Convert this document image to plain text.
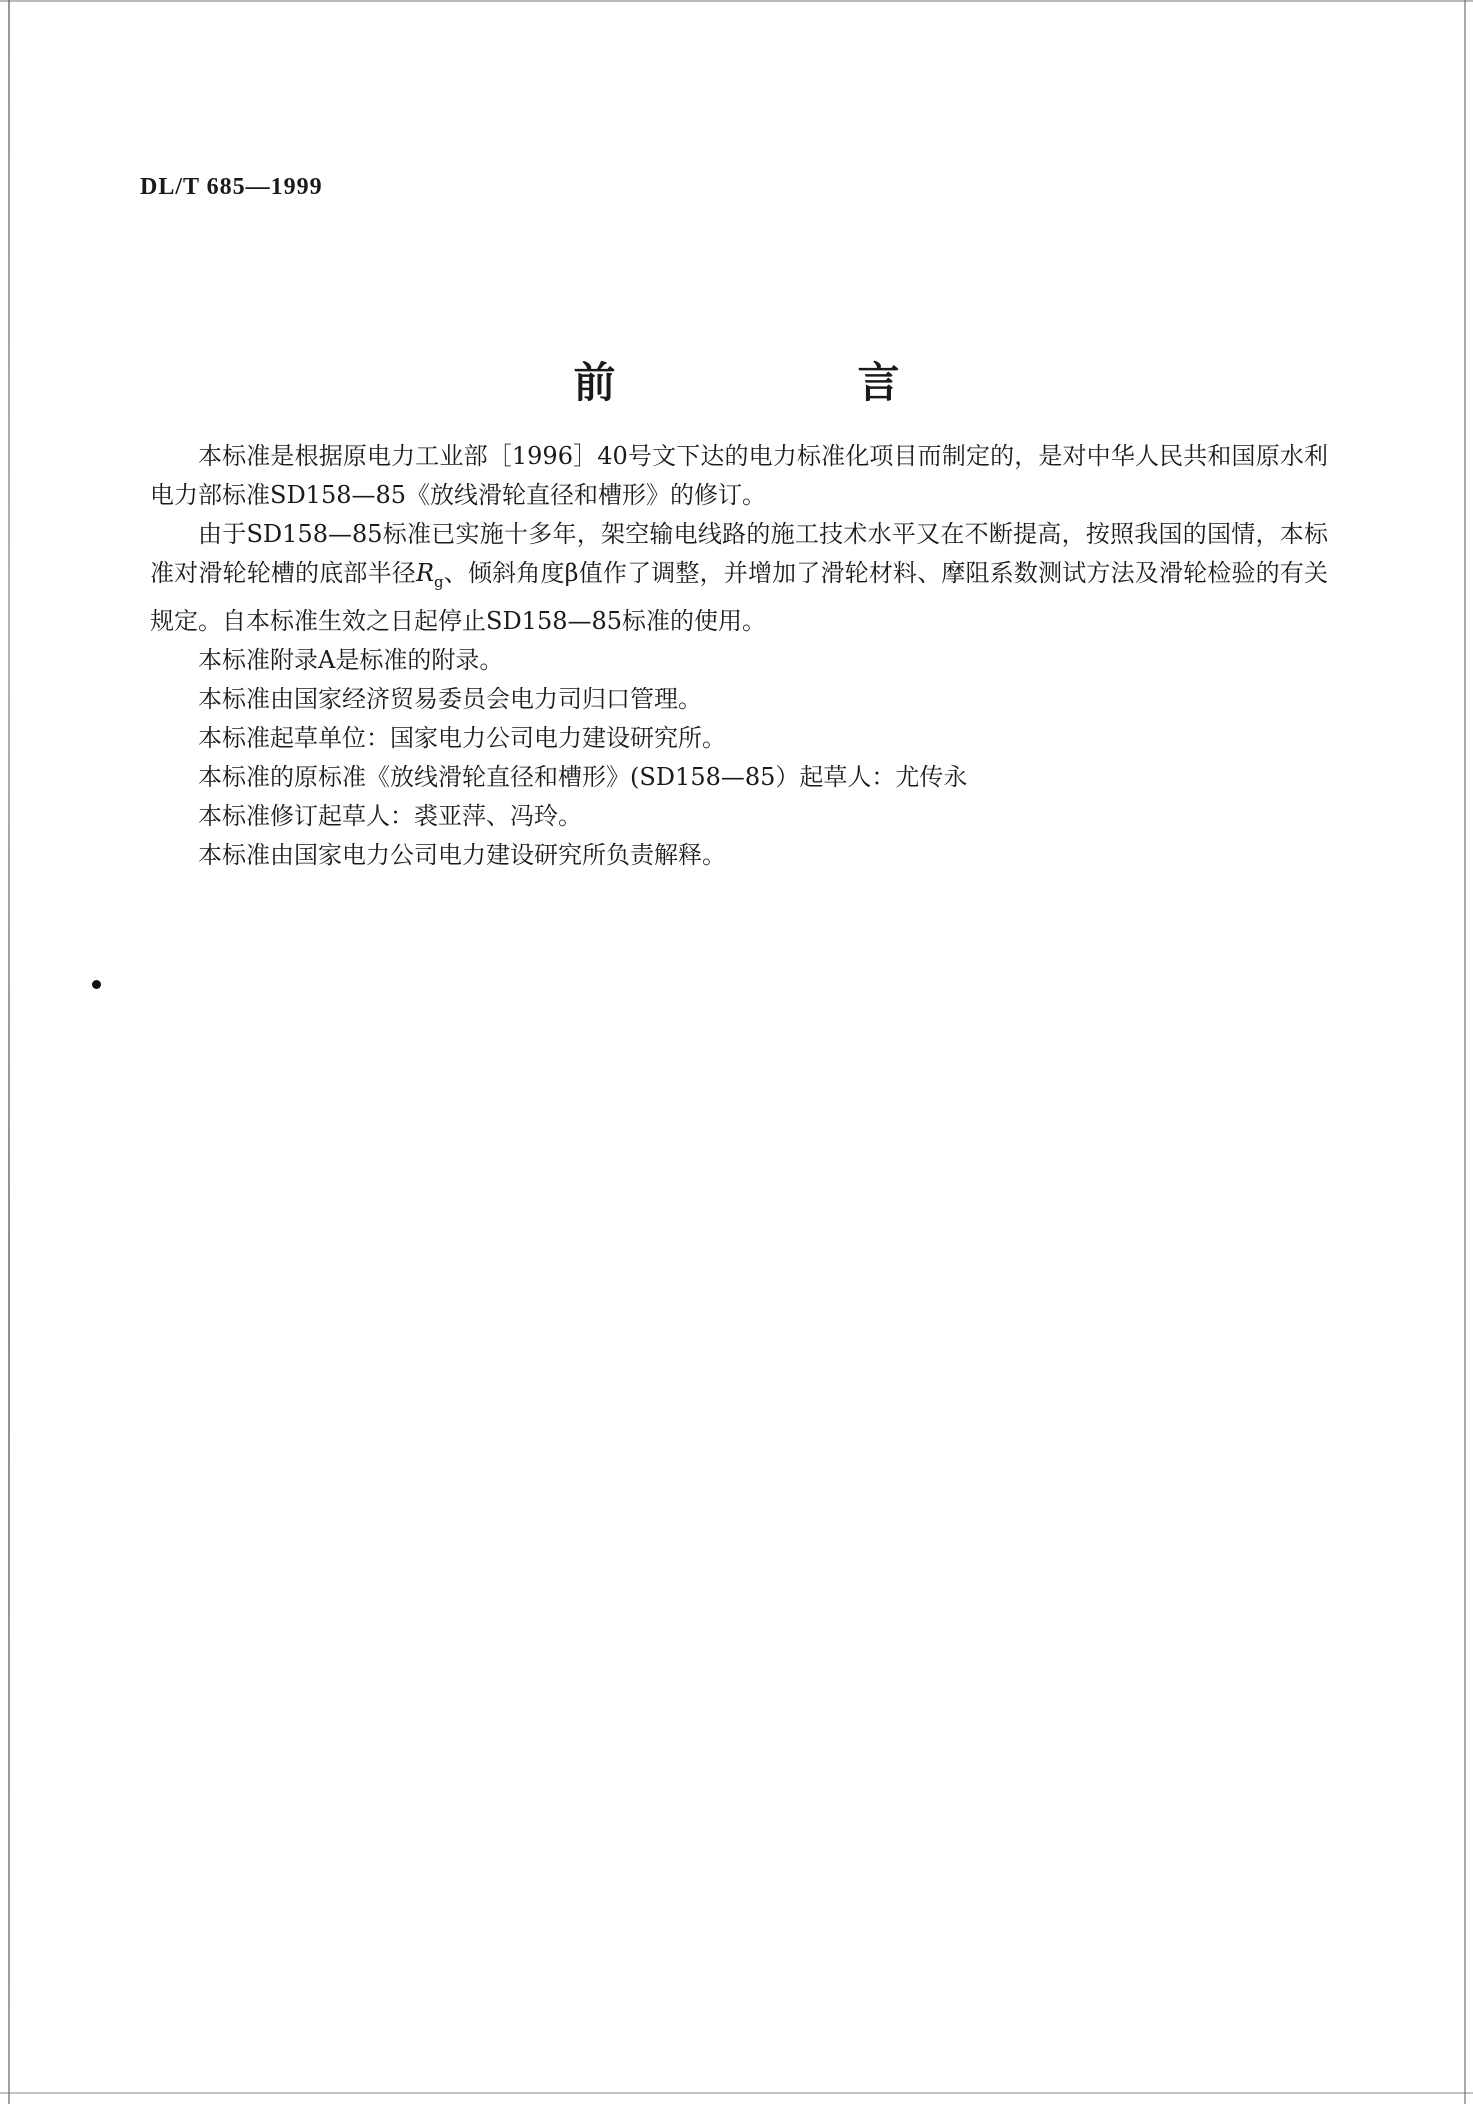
DL/T 685—1999
前　言

本标准是根据原电力工业部［1996］40号文下达的电力标准化项目而制定的，是对中华人民共和国原水利电力部标准SD158—85《放线滑轮直径和槽形》的修订。

由于SD158—85标准已实施十多年，架空输电线路的施工技术水平又在不断提高，按照我国的国情，本标准对滑轮轮槽的底部半径$R_g$、倾斜角度β值作了调整，并增加了滑轮材料、摩阻系数测试方法及滑轮检验的有关规定。自本标准生效之日起停止SD158—85标准的使用。

本标准附录A是标准的附录。

本标准由国家经济贸易委员会电力司归口管理。

本标准起草单位：国家电力公司电力建设研究所。

本标准的原标准《放线滑轮直径和槽形》(SD158—85）起草人：尤传永

本标准修订起草人：裘亚萍、冯玲。

本标准由国家电力公司电力建设研究所负责解释。
